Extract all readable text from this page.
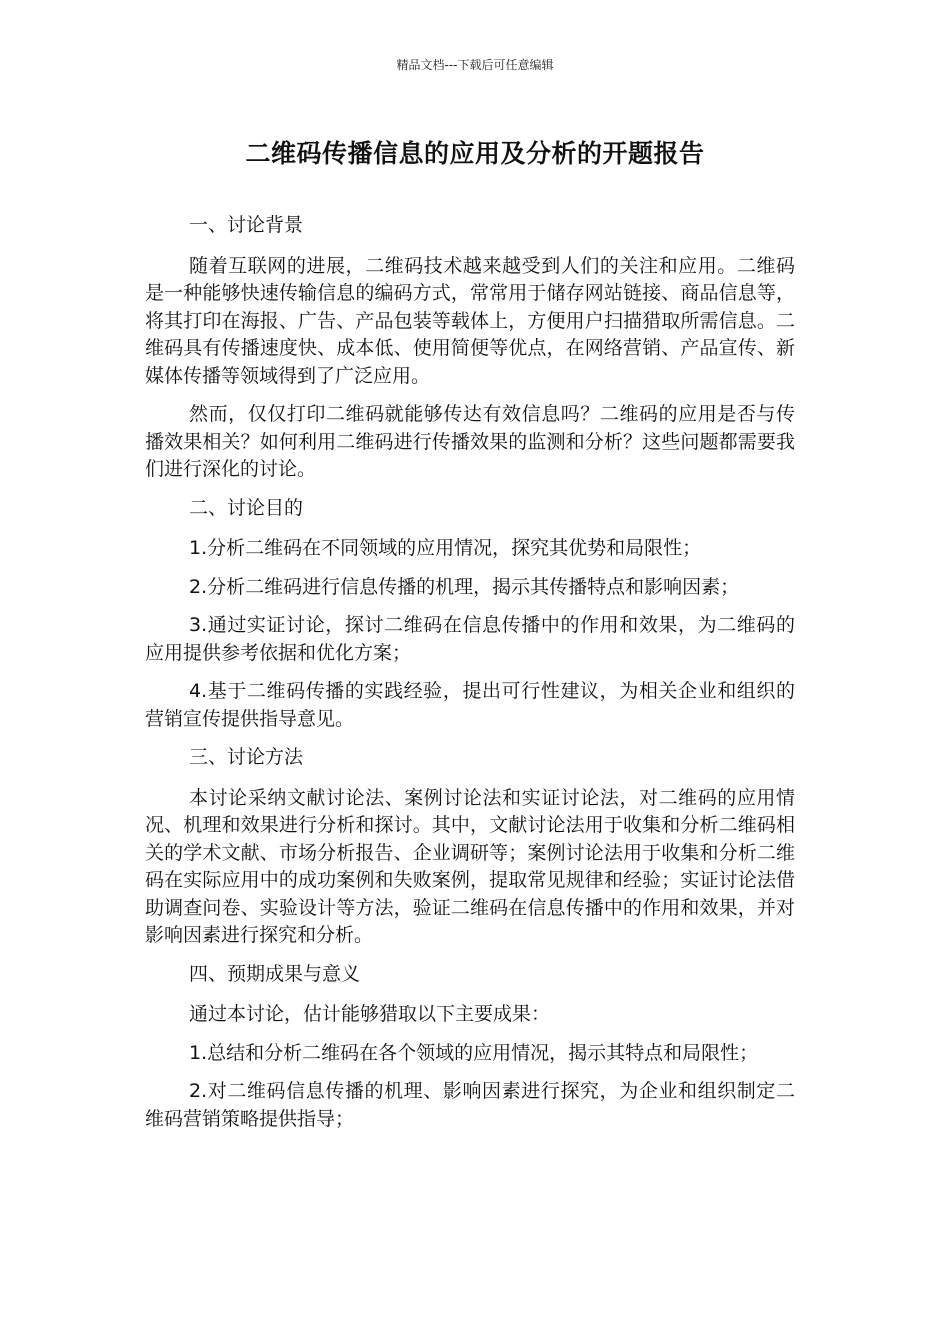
精品文档---下载后可任意编辑
二维码传播信息的应用及分析的开题报告

一、讨论背景

随着互联网的进展，二维码技术越来越受到人们的关注和应用。二维码是一种能够快速传输信息的编码方式，常常用于储存网站链接、商品信息等，将其打印在海报、广告、产品包装等载体上，方便用户扫描猎取所需信息。二维码具有传播速度快、成本低、使用简便等优点，在网络营销、产品宣传、新媒体传播等领域得到了广泛应用。

然而，仅仅打印二维码就能够传达有效信息吗？二维码的应用是否与传播效果相关？如何利用二维码进行传播效果的监测和分析？这些问题都需要我们进行深化的讨论。

二、讨论目的

1.分析二维码在不同领域的应用情况，探究其优势和局限性；

2.分析二维码进行信息传播的机理，揭示其传播特点和影响因素；

3.通过实证讨论，探讨二维码在信息传播中的作用和效果，为二维码的应用提供参考依据和优化方案；

4.基于二维码传播的实践经验，提出可行性建议，为相关企业和组织的营销宣传提供指导意见。

三、讨论方法

本讨论采纳文献讨论法、案例讨论法和实证讨论法，对二维码的应用情况、机理和效果进行分析和探讨。其中，文献讨论法用于收集和分析二维码相关的学术文献、市场分析报告、企业调研等；案例讨论法用于收集和分析二维码在实际应用中的成功案例和失败案例，提取常见规律和经验；实证讨论法借助调查问卷、实验设计等方法，验证二维码在信息传播中的作用和效果，并对影响因素进行探究和分析。

四、预期成果与意义

通过本讨论，估计能够猎取以下主要成果：

1.总结和分析二维码在各个领域的应用情况，揭示其特点和局限性；

2.对二维码信息传播的机理、影响因素进行探究，为企业和组织制定二维码营销策略提供指导；
